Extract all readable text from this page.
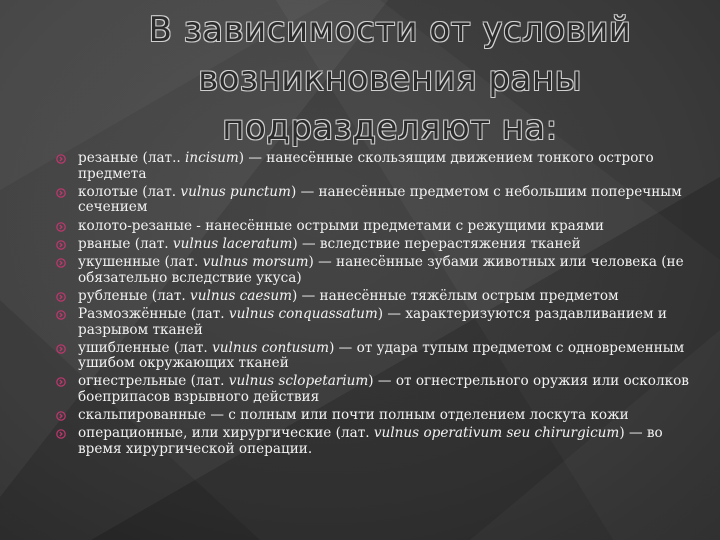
В зависимости от условий
возникновения раны
подразделяют на:
резаные (лат.. incisum) — нанесённые скользящим движением тонкого острого предмета
колотые (лат. vulnus punctum) — нанесённые предметом с небольшим поперечным сечением
колото-резаные - нанесённые острыми предметами с режущими краями
рваные (лат. vulnus laceratum) — вследствие перерастяжения тканей
укушенные (лат. vulnus morsum) — нанесённые зубами животных или человека (не обязательно вследствие укуса)
рубленые (лат. vulnus caesum) — нанесённые тяжёлым острым предметом
Размозжённые (лат. vulnus conquassatum) — характеризуются раздавливанием и разрывом тканей
ушибленные (лат. vulnus contusum) — от удара тупым предметом с одновременным ушибом окружающих тканей
огнестрельные (лат. vulnus sclopetarium) — от огнестрельного оружия или осколков боеприпасов взрывного действия
скальпированные — с полным или почти полным отделением лоскута кожи
операционные, или хирургические (лат. vulnus operativum seu chirurgicum) — во время хирургической операции.
